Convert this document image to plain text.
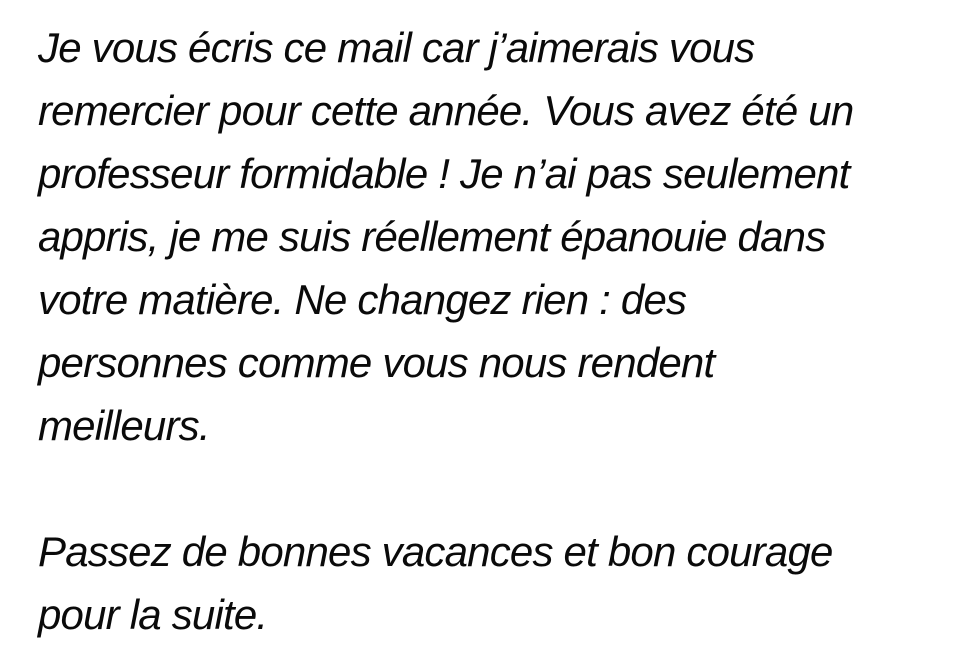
Je vous écris ce mail car j’aimerais vous
remercier pour cette année. Vous avez été un
professeur formidable ! Je n’ai pas seulement
appris, je me suis réellement épanouie dans
votre matière. Ne changez rien : des
personnes comme vous nous rendent
meilleurs.

Passez de bonnes vacances et bon courage
pour la suite.
